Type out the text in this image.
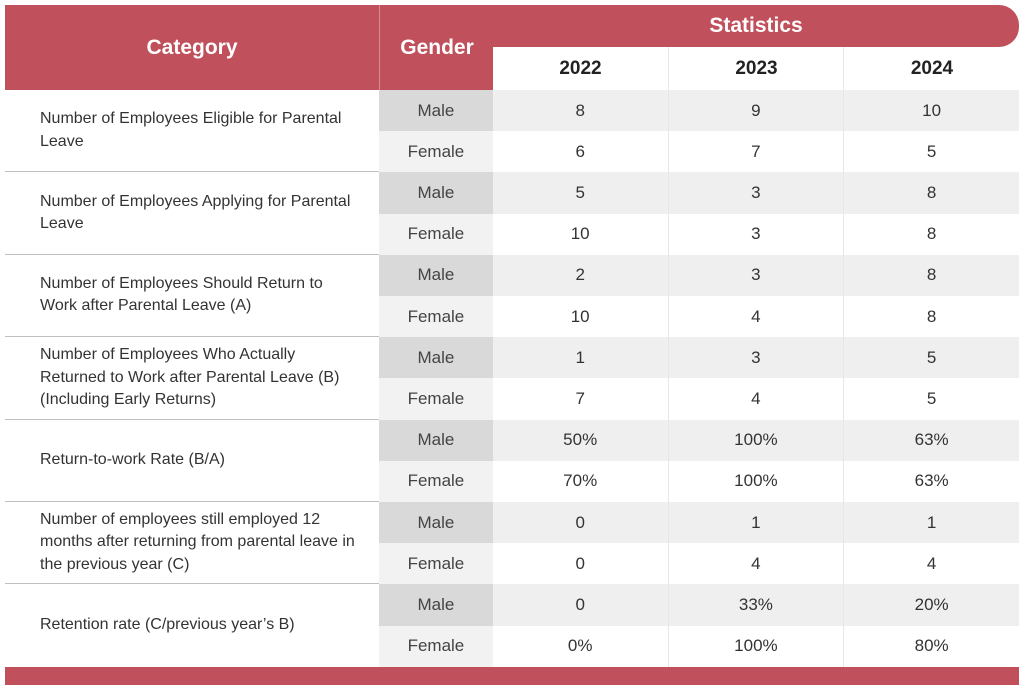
Category	Gender
Statistics
2022	2023	2024
Number of Employees Eligible for Parental Leave
Male	8	9	10
Female	6	7	5
Number of Employees Applying for Parental Leave
Male	5	3	8
Female	10	3	8
Number of Employees Should Return to Work after Parental Leave (A)
Male	2	3	8
Female	10	4	8
Number of Employees Who Actually Returned to Work after Parental Leave (B) (Including Early Returns)
Male	1	3	5
Female	7	4	5
Return-to-work Rate (B/A)
Male	50%	100%	63%
Female	70%	100%	63%
Number of employees still employed 12 months after returning from parental leave in the previous year (C)
Male	0	1	1
Female	0	4	4
Retention rate (C/previous year’s B)
Male	0	33%	20%
Female	0%	100%	80%
